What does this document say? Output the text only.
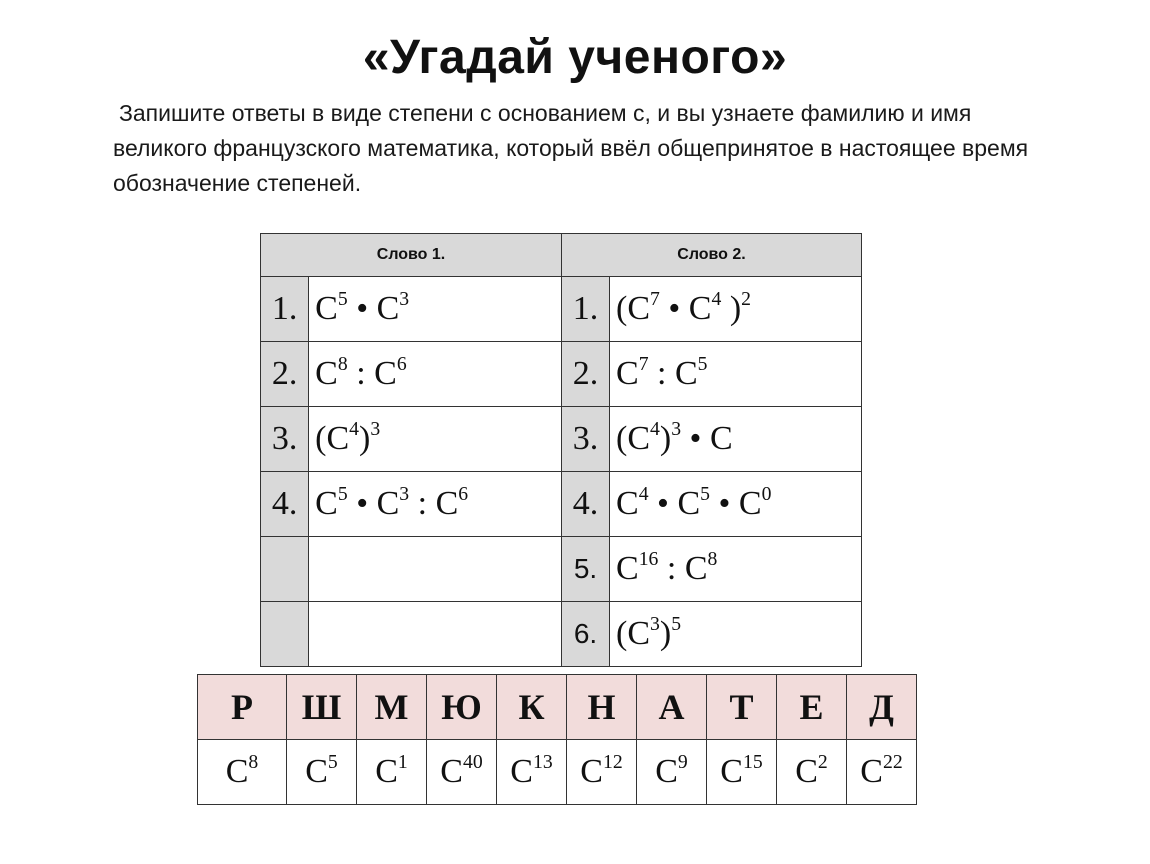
«Угадай ученого»
Запишите ответы в виде степени с основанием с, и вы узнаете фамилию и имя великого французского математика, который ввёл общепринятое в настоящее время обозначение степеней.
Слово 1.		Слово 2.	
1.	$C^5$ • $C^3$	1.	($C^7$ • $C^4$ )$^2$
2.	$C^8$ : $C^6$	2.	$C^7$ : $C^5$
3.	$(C^4)^3$	3.	$(C^4)^3$ • C
4.	$C^5$ • $C^3$ : $C^6$	4.	$C^4$ • $C^5$ • $C^0$
		5.	$C^{16}$ : $C^8$
		6.	$(C^3)^5$
Р	Ш	М	Ю	К	Н	А	Т	Е	Д
$C^8$	$C^5$	$C^1$	$C^{40}$	$C^{13}$	$C^{12}$	$C^9$	$C^{15}$	$C^2$	$C^{22}$
